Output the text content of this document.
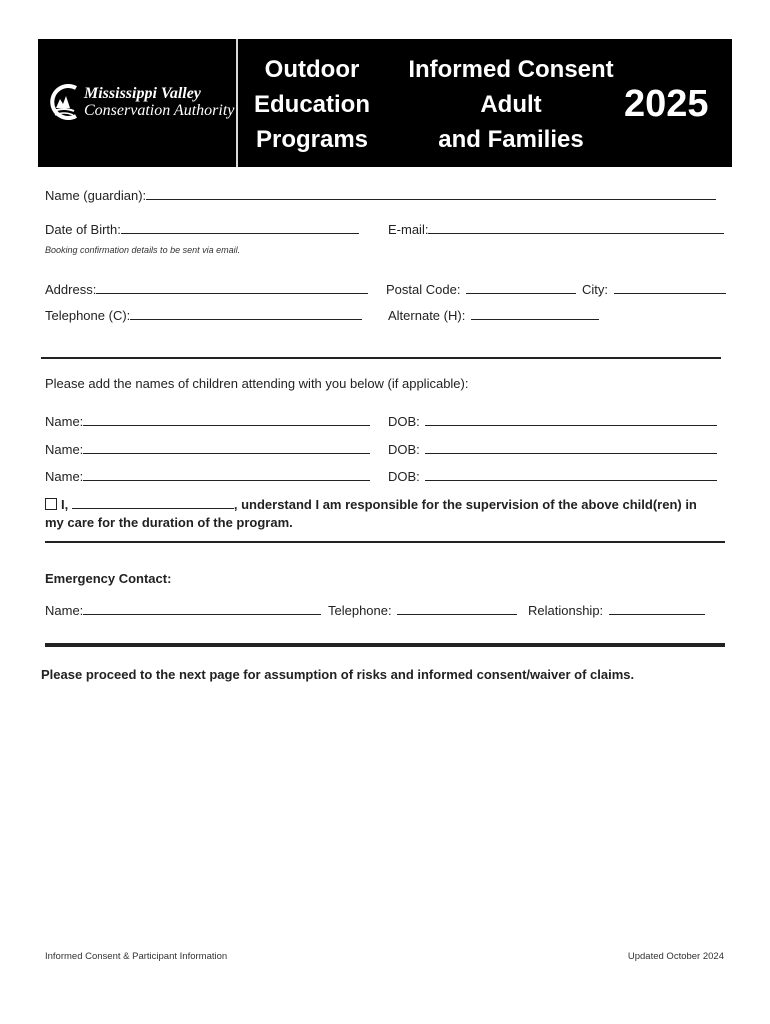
Mississippi Valley
Conservation Authority
Outdoor
Education
Programs
Informed Consent
Adult
and Families
2025
Name (guardian):
Date of Birth:	E-mail:
Booking confirmation details to be sent via email.
Address:	Postal Code:	City:
Telephone (C):	Alternate (H):
Please add the names of children attending with you below (if applicable):
Name:	DOB:
Name:	DOB:
Name:	DOB:
I,	, understand I am responsible for the supervision of the above child(ren) in
my care for the duration of the program.
Emergency Contact:
Name:	Telephone:	Relationship:
Please proceed to the next page for assumption of risks and informed consent/waiver of claims.
Informed Consent & Participant Information	Updated October 2024
